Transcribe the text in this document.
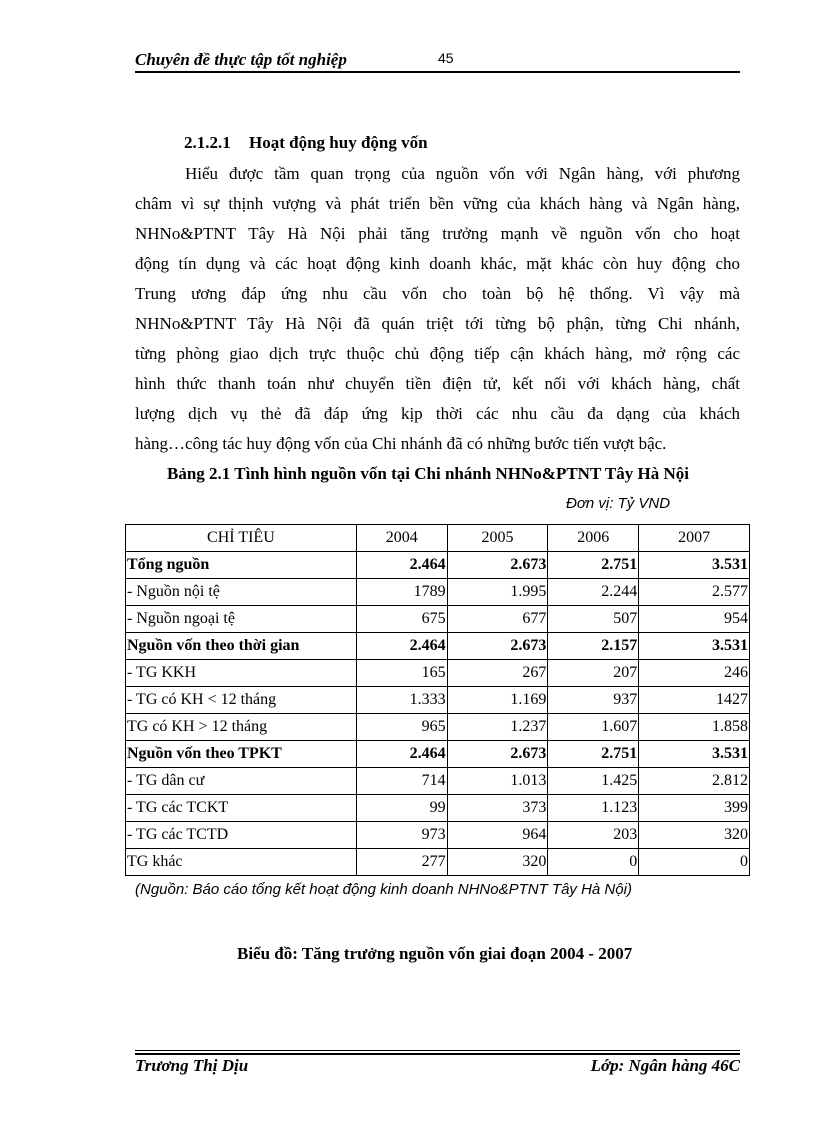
Chuyên đề thực tập tốt nghiệp	45
2.1.2.1 Hoạt động huy động vốn
Hiểu được tầm quan trọng của nguồn vốn với Ngân hàng, với phương
châm vì sự thịnh vượng và phát triển bền vững của khách hàng và Ngân hàng,
NHNo&PTNT Tây Hà Nội phải tăng trưởng mạnh về nguồn vốn cho hoạt
động tín dụng và các hoạt động kinh doanh khác, mặt khác còn huy động cho
Trung ương đáp ứng nhu cầu vốn cho toàn bộ hệ thống. Vì vậy mà
NHNo&PTNT Tây Hà Nội đã quán triệt tới từng bộ phận, từng Chi nhánh,
từng phòng giao dịch trực thuộc chủ động tiếp cận khách hàng, mở rộng các
hình thức thanh toán như chuyển tiền điện tử, kết nối với khách hàng, chất
lượng dịch vụ thẻ đã đáp ứng kịp thời các nhu cầu đa dạng của khách
hàng…công tác huy động vốn của Chi nhánh đã có những bước tiến vượt bậc.
Bảng 2.1 Tình hình nguồn vốn tại Chi nhánh NHNo&PTNT Tây Hà Nội
Đơn vị: Tỷ VND
CHỈ TIÊU	2004	2005	2006	2007
Tổng nguồn	2.464	2.673	2.751	3.531
- Nguồn nội tệ	1789	1.995	2.244	2.577
- Nguồn ngoại tệ	675	677	507	954
Nguồn vốn theo thời gian	2.464	2.673	2.157	3.531
- TG KKH	165	267	207	246
- TG có KH < 12 tháng	1.333	1.169	937	1427
TG có KH > 12 tháng	965	1.237	1.607	1.858
Nguồn vốn theo TPKT	2.464	2.673	2.751	3.531
- TG dân cư	714	1.013	1.425	2.812
- TG các TCKT	99	373	1.123	399
- TG các TCTD	973	964	203	320
TG khác	277	320	0	0
(Nguồn: Báo cáo tổng kết hoạt động kinh doanh NHNo&PTNT Tây Hà Nội)
Biểu đồ: Tăng trưởng nguồn vốn giai đoạn 2004 - 2007
Trương Thị Dịu	Lớp: Ngân hàng 46C
